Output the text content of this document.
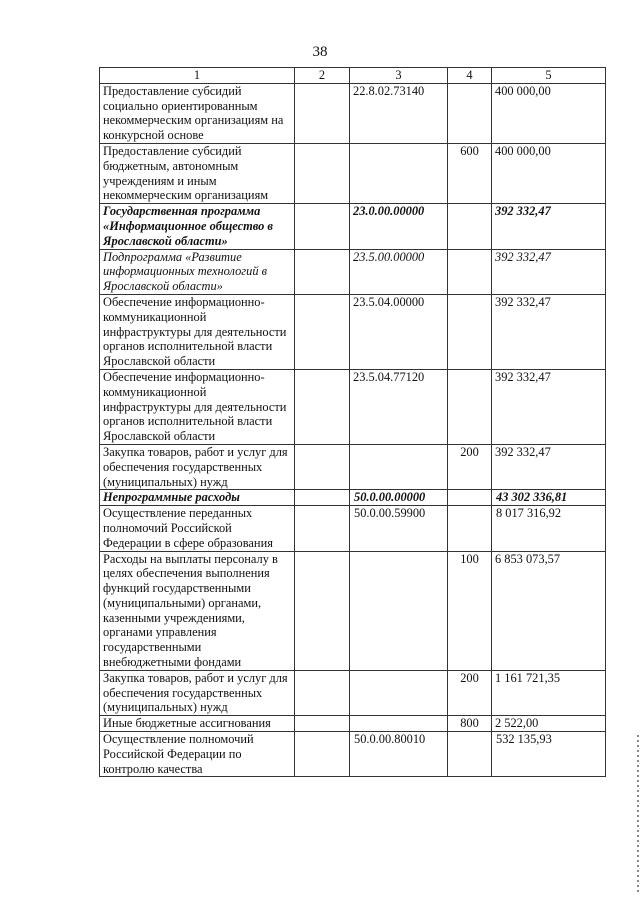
38
1	2	3	4	5
Предоставление субсидий социально ориентированным некоммерческим организациям на конкурсной основе		22.8.02.73140		400 000,00
Предоставление субсидий бюджетным, автономным учреждениям и иным некоммерческим организациям			600	400 000,00
Государственная программа «Информационное общество в Ярославской области»		23.0.00.00000		392 332,47
Подпрограмма «Развитие информационных технологий в Ярославской области»		23.5.00.00000		392 332,47
Обеспечение информационно-коммуникационной инфраструктуры для деятельности органов исполнительной власти Ярославской области		23.5.04.00000		392 332,47
Обеспечение информационно-коммуникационной инфраструктуры для деятельности органов исполнительной власти Ярославской области		23.5.04.77120		392 332,47
Закупка товаров, работ и услуг для обеспечения государственных (муниципальных) нужд			200	392 332,47
Непрограммные расходы		50.0.00.00000		43 302 336,81
Осуществление переданных полномочий Российской Федерации в сфере образования		50.0.00.59900		8 017 316,92
Расходы на выплаты персоналу в целях обеспечения выполнения функций государственными (муниципальными) органами, казенными учреждениями, органами управления государственными внебюджетными фондами			100	6 853 073,57
Закупка товаров, работ и услуг для обеспечения государственных (муниципальных) нужд			200	1 161 721,35
Иные бюджетные ассигнования			800	2 522,00
Осуществление полномочий Российской Федерации по контролю качества		50.0.00.80010		532 135,93
